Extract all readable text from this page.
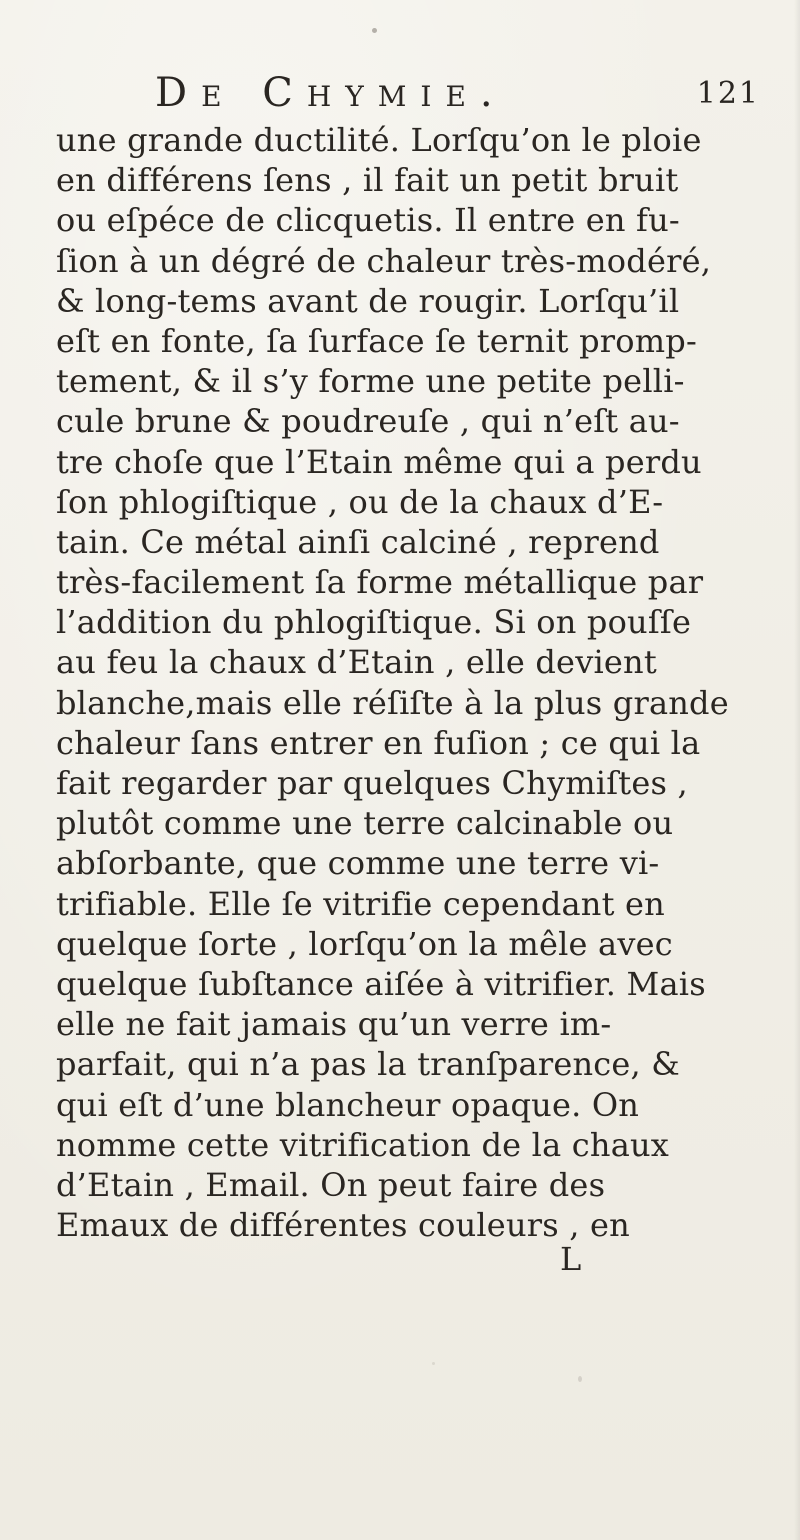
De Chymie.	121
une grande ductilité. Lorſqu’on le ploie
en différens ſens , il fait un petit bruit
ou eſpéce de clicquetis. Il entre en fu-
ſion à un dégré de chaleur très-modéré,
& long-tems avant de rougir. Lorſqu’il
eſt en fonte, ſa ſurface ſe ternit promp-
tement, & il s’y forme une petite pelli-
cule brune & poudreuſe , qui n’eſt au-
tre choſe que l’Etain même qui a perdu
ſon phlogiſtique , ou de la chaux d’E-
tain. Ce métal ainſi calciné , reprend
très-facilement ſa forme métallique par
l’addition du phlogiſtique. Si on pouſſe
au feu la chaux d’Etain , elle devient
blanche,mais elle réſiſte à la plus grande
chaleur ſans entrer en fuſion ; ce qui la
fait regarder par quelques Chymiſtes ,
plutôt comme une terre calcinable ou
abſorbante, que comme une terre vi-
trifiable. Elle ſe vitrifie cependant en
quelque ſorte , lorſqu’on la mêle avec
quelque ſubſtance aiſée à vitrifier. Mais
elle ne fait jamais qu’un verre im-
parfait, qui n’a pas la tranſparence, &
qui eſt d’une blancheur opaque. On
nomme cette vitrification de la chaux
d’Etain , Email. On peut faire des
Emaux de différentes couleurs , en
L
